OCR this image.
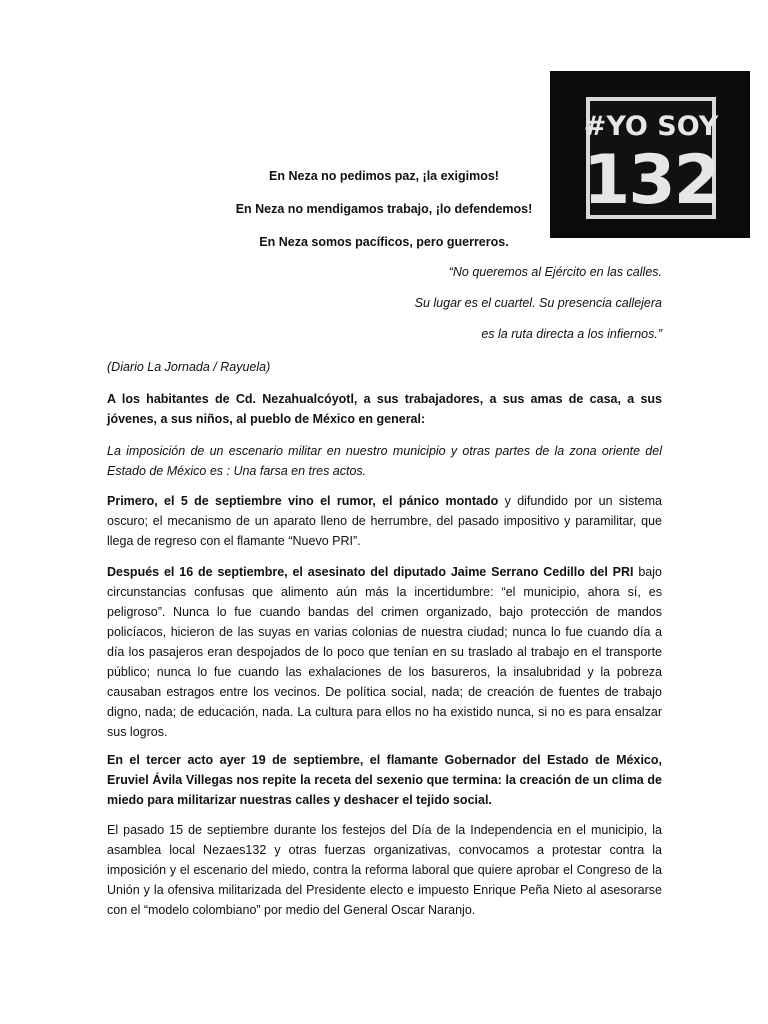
#YO SOY
132
En Neza no pedimos paz, ¡la exigimos!
En Neza no mendigamos trabajo, ¡lo defendemos!
En Neza somos pacíficos, pero guerreros.
“No queremos al Ejército en las calles.
Su lugar es el cuartel. Su presencia callejera
es la ruta directa a los infiernos.”
(Diario La Jornada / Rayuela)
A los habitantes de Cd. Nezahualcóyotl, a sus trabajadores, a sus amas de casa, a sus jóvenes, a sus niños, al pueblo de México en general:
La imposición de un escenario militar en nuestro municipio y otras partes de la zona oriente del Estado de México es : Una farsa en tres actos.
Primero, el 5 de septiembre vino el rumor, el pánico montado y difundido por un sistema oscuro; el mecanismo de un aparato lleno de herrumbre, del pasado impositivo y paramilitar, que llega de regreso con el flamante “Nuevo PRI”.
Después el 16 de septiembre, el asesinato del diputado Jaime Serrano Cedillo del PRI bajo circunstancias confusas que alimento aún más la incertidumbre: “el municipio, ahora sí, es peligroso”. Nunca lo fue cuando bandas del crimen organizado, bajo protección de mandos policíacos, hicieron de las suyas en varias colonias de nuestra ciudad; nunca lo fue cuando día a día los pasajeros eran despojados de lo poco que tenían en su traslado al trabajo en el transporte público; nunca lo fue cuando las exhalaciones de los basureros, la insalubridad y la pobreza causaban estragos entre los vecinos. De política social, nada; de creación de fuentes de trabajo digno, nada; de educación, nada. La cultura para ellos no ha existido nunca, si no es para ensalzar sus logros.
En el tercer acto ayer 19 de septiembre, el flamante Gobernador del Estado de México, Eruviel Ávila Villegas nos repite la receta del sexenio que termina: la creación de un clima de miedo para militarizar nuestras calles y deshacer el tejido social.
El pasado 15 de septiembre durante los festejos del Día de la Independencia en el municipio, la asamblea local Nezaes132 y otras fuerzas organizativas, convocamos a protestar contra la imposición y el escenario del miedo, contra la reforma laboral que quiere aprobar el Congreso de la Unión y la ofensiva militarizada del Presidente electo e impuesto Enrique Peña Nieto al asesorarse con el “modelo colombiano” por medio del General Oscar Naranjo.
